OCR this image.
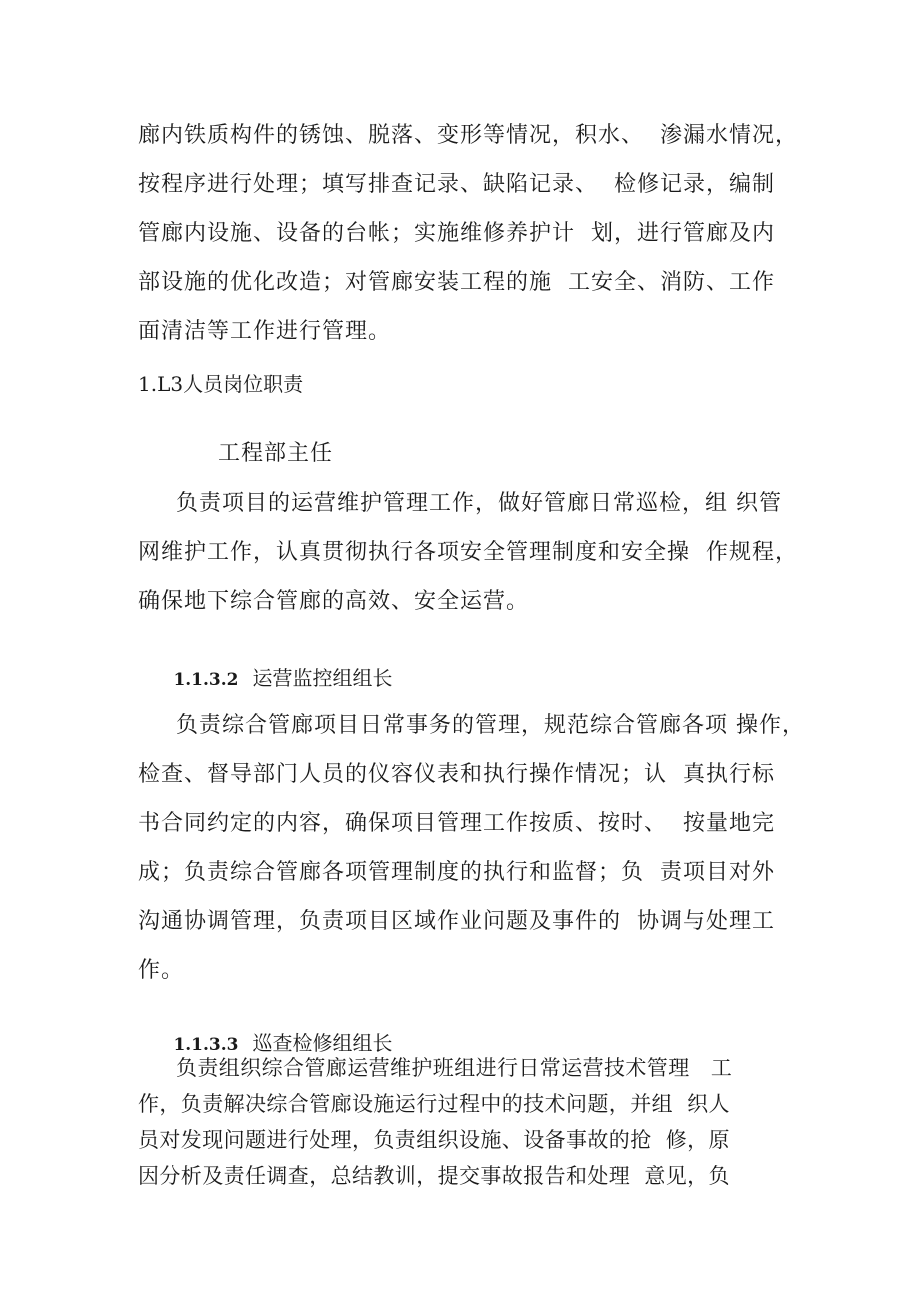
廊内铁质构件的锈蚀、脱落、变形等情况，积水、  渗漏水情况，
按程序进行处理；填写排查记录、缺陷记录、  检修记录，编制
管廊内设施、设备的台帐；实施维修养护计  划，进行管廊及内
部设施的优化改造；对管廊安装工程的施  工安全、消防、工作
面清洁等工作进行管理。
1.L3人员岗位职责
工程部主任
负责项目的运营维护管理工作，做好管廊日常巡检，组 织管
网维护工作，认真贯彻执行各项安全管理制度和安全操  作规程，
确保地下综合管廊的高效、安全运营。

1.1.3.2 运营监控组组长

负责综合管廊项目日常事务的管理，规范综合管廊各项 操作，
检查、督导部门人员的仪容仪表和执行操作情况；认  真执行标
书合同约定的内容，确保项目管理工作按质、按时、  按量地完
成；负责综合管廊各项管理制度的执行和监督；负  责项目对外
沟通协调管理，负责项目区域作业问题及事件的  协调与处理工
作。

1.1.3.3 巡查检修组组长

负责组织综合管廊运营维护班组进行日常运营技术管理   工
作，负责解决综合管廊设施运行过程中的技术问题，并组  织人
员对发现问题进行处理，负责组织设施、设备事故的抢  修，原
因分析及责任调查，总结教训，提交事故报告和处理  意见，负
